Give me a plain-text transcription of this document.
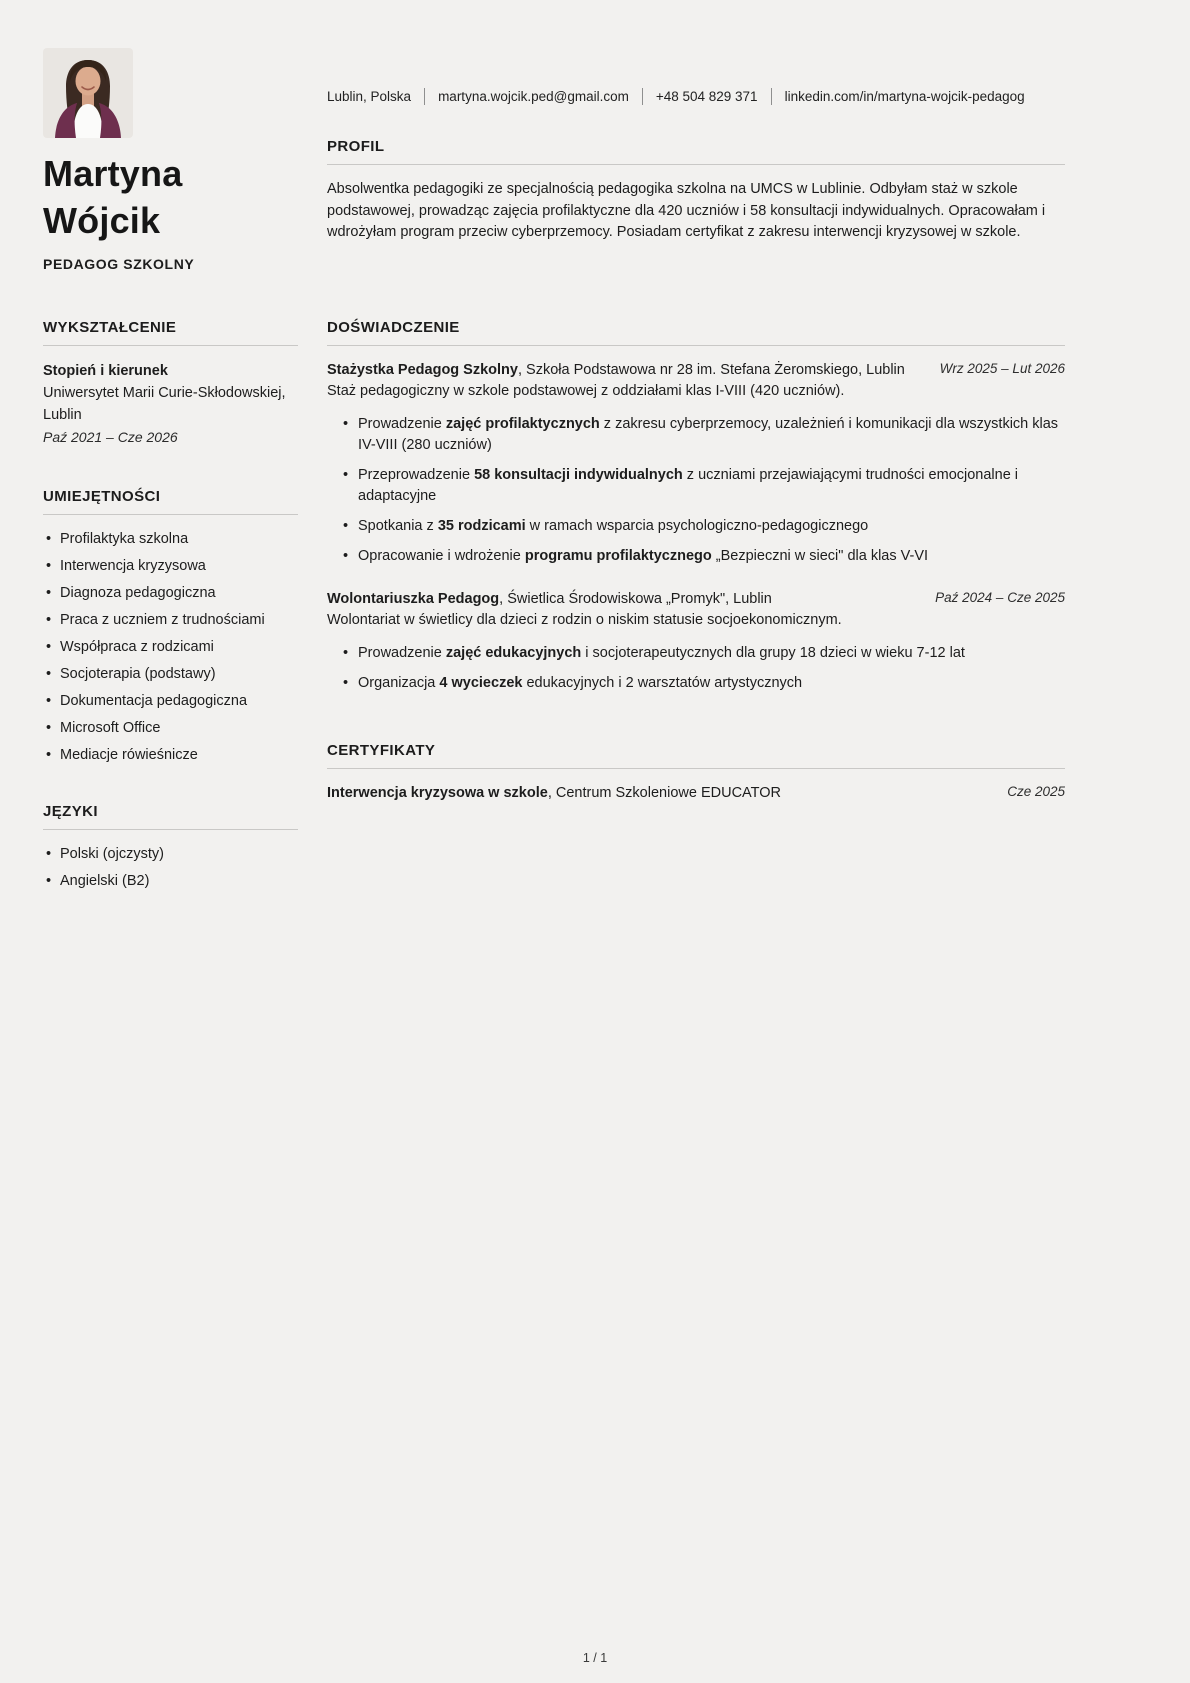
Martyna Wójcik
PEDAGOG SZKOLNY
Lublin, Polska martyna.wojcik.ped@gmail.com +48 504 829 371 linkedin.com/in/martyna-wojcik-pedagog
PROFIL

Absolwentka pedagogiki ze specjalnością pedagogika szkolna na UMCS w Lublinie. Odbyłam staż w szkole podstawowej, prowadząc zajęcia profilaktyczne dla 420 uczniów i 58 konsultacji indywidualnych. Opracowałam i wdrożyłam program przeciw cyberprzemocy. Posiadam certyfikat z zakresu interwencji kryzysowej w szkole.

WYKSZTAŁCENIE
Stopień i kierunek
Uniwersytet Marii Curie-Skłodowskiej, Lublin
Paź 2021 – Cze 2026
UMIEJĘTNOŚCI
• Profilaktyka szkolna
• Interwencja kryzysowa
• Diagnoza pedagogiczna
• Praca z uczniem z trudnościami
• Współpraca z rodzicami
• Socjoterapia (podstawy)
• Dokumentacja pedagogiczna
• Microsoft Office
• Mediacje rówieśnicze
JĘZYKI
• Polski (ojczysty)
• Angielski (B2)
DOŚWIADCZENIE
Stażystka Pedagog Szkolny, Szkoła Podstawowa nr 28 im. Stefana Żeromskiego, Lublin	Wrz 2025 – Lut 2026
Staż pedagogiczny w szkole podstawowej z oddziałami klas I-VIII (420 uczniów).
• Prowadzenie zajęć profilaktycznych z zakresu cyberprzemocy, uzależnień i komunikacji dla wszystkich klas IV-VIII (280 uczniów)
• Przeprowadzenie 58 konsultacji indywidualnych z uczniami przejawiającymi trudności emocjonalne i adaptacyjne
• Spotkania z 35 rodzicami w ramach wsparcia psychologiczno-pedagogicznego
• Opracowanie i wdrożenie programu profilaktycznego „Bezpieczni w sieci" dla klas V-VI
Wolontariuszka Pedagog, Świetlica Środowiskowa „Promyk", Lublin	Paź 2024 – Cze 2025
Wolontariat w świetlicy dla dzieci z rodzin o niskim statusie socjoekonomicznym.
• Prowadzenie zajęć edukacyjnych i socjoterapeutycznych dla grupy 18 dzieci w wieku 7-12 lat
• Organizacja 4 wycieczek edukacyjnych i 2 warsztatów artystycznych
CERTYFIKATY
Interwencja kryzysowa w szkole, Centrum Szkoleniowe EDUCATOR	Cze 2025
1 / 1
